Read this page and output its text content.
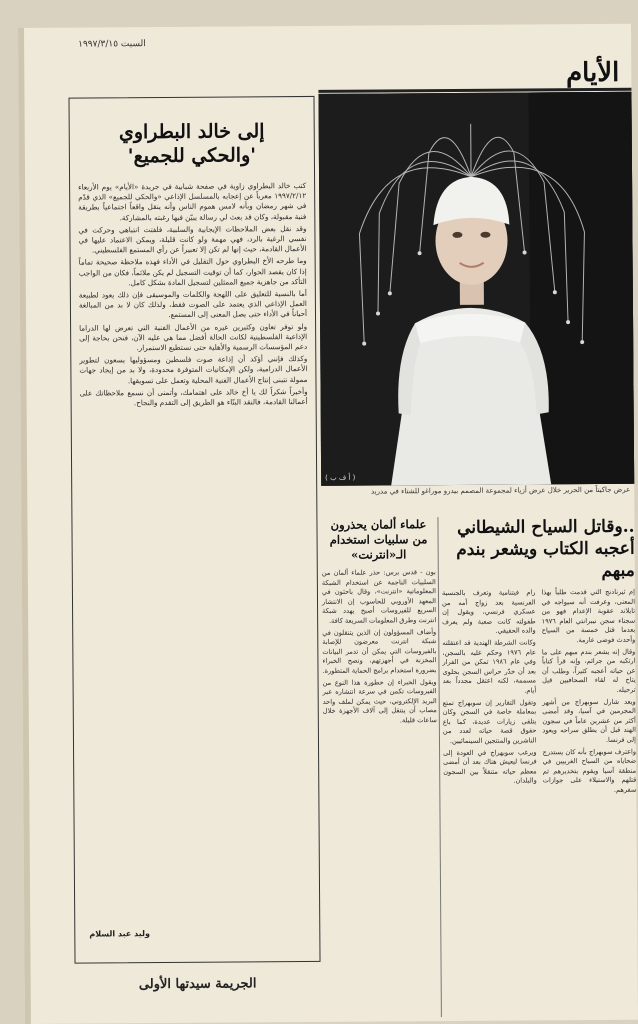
السبت ١٩٩٧/٣/١٥
الأيام
إلى خالد البطراوي
'والحكي للجميع'

كتب خالد البطراوي زاوية في صفحة شبابية في جريدة «الأيام» يوم الأربعاء ١٩٩٧/٢/١٢ معرباً عن إعجابه بالمسلسل الإذاعي «والحكي للجميع» الذي قدّم في شهر رمضان وبأنه لامس هموم الناس وأنه ينقل واقعاً اجتماعياً بطريقة فنية مقبولة، وكان قد بعث لي رسالة يبيّن فيها رغبته بالمشاركة.

وقد نقل بعض الملاحظات الإيجابية والسلبية، فلفتت انتباهي وحركت في نفسي الرغبة بالرد، فهي مهمة ولو كانت قليلة، ويمكن الاعتماد عليها في الأعمال القادمة، حيث إنها لم تكن إلا تعبيراً عن رأي المستمع الفلسطيني.

وما طرحه الأخ البطراوي حول التقليل في الأداء فهذه ملاحظة صحيحة تماماً إذا كان يقصد الحوار، كما أن توقيت التسجيل لم يكن ملائماً، فكان من الواجب التأكد من جاهزية جميع الممثلين لتسجيل المادة بشكل كامل.

أما بالنسبة للتعليق على اللهجة والكلمات والموسيقى فإن ذلك يعود لطبيعة العمل الإذاعي الذي يعتمد على الصوت فقط، ولذلك كان لا بد من المبالغة أحياناً في الأداء حتى يصل المعنى إلى المستمع.

ولو توفر تعاون وكثيرين غيره من الأعمال الفنية التي تعرض لها الدراما الإذاعية الفلسطينية لكانت الحالة أفضل مما هي عليه الآن، فنحن بحاجة إلى دعم المؤسسات الرسمية والأهلية حتى نستطيع الاستمرار.

وكذلك فإنني أؤكد أن إذاعة صوت فلسطين ومسؤوليها يسعون لتطوير الأعمال الدرامية، ولكن الإمكانيات المتوفرة محدودة، ولا بد من إيجاد جهات ممولة تتبنى إنتاج الأعمال الفنية المحلية وتعمل على تسويقها.

وأخيراً شكراً لك يا أخ خالد على اهتمامك، وأتمنى أن نسمع ملاحظاتك على أعمالنا القادمة، فالنقد البنّاء هو الطريق إلى التقدم والنجاح.

وليد عبد السلام
الجريمة سيدتها الأولى
( أ ف ب )
عرض جاكيتاً من الحرير خلال عرض أزياء لمجموعة المصمم بيدرو موراغو للشتاء في مدريد
علماء ألمان يحذرون من سلبيات استخدام الـ«انترنت»

بون - قدس برس: حذر علماء ألمان من السلبيات الناجمة عن استخدام الشبكة المعلوماتية «انترنت»، وقال باحثون في المعهد الأوروبي للحاسوب إن الانتشار السريع للفيروسات أصبح يهدد شبكة انترنت وطرق المعلومات السريعة كافة.

وأضاف المسؤولون إن الذين يتنقلون في شبكة انترنت معرضون للإصابة بالفيروسات التي يمكن أن تدمر البيانات المخزنة في أجهزتهم، ونصح الخبراء بضرورة استخدام برامج الحماية المتطورة.

ويقول الخبراء إن خطورة هذا النوع من الفيروسات تكمن في سرعة انتشاره عبر البريد الإلكتروني، حيث يمكن لملف واحد مصاب أن ينتقل إلى آلاف الأجهزة خلال ساعات قليلة.

..وقاتل السياح الشيطاني أعجبه الكتاب ويشعر بندم مبهم

إم ثيرنادنج التي قدمت طلباً بهذا المعنى، وعرفت أنه سيواجه في تايلاند عقوبة الإعدام فهو من سجناء سجن نيبرانتي العام ١٩٧٦ بعدما قتل خمسة من السياح وأحدث فوضى عارمة.

وقال إنه يشعر بندم مبهم على ما ارتكبه من جرائم، وإنه قرأ كتاباً عن حياته أعجبه كثيراً، وطلب أن يتاح له لقاء الصحافيين قبل ترحيله.

ويعد شارل سوبهراج من أشهر المجرمين في آسيا، وقد أمضى أكثر من عشرين عاماً في سجون الهند قبل أن يطلق سراحه ويعود إلى فرنسا.

واعترف سوبهراج بأنه كان يستدرج ضحاياه من السياح الغربيين في منطقة آسيا ويقوم بتخديرهم ثم قتلهم والاستيلاء على جوازات سفرهم.

رام فيتنامية وتعرف بالجنسية الفرنسية بعد زواج أمه من عسكري فرنسي، ويقول إن طفولته كانت صعبة ولم يعرف والده الحقيقي.

وكانت الشرطة الهندية قد اعتقلته عام ١٩٧٦ وحكم عليه بالسجن، وفي عام ١٩٨٦ تمكن من الفرار بعد أن خدّر حراس السجن بحلوى مسممة، لكنه اعتقل مجدداً بعد أيام.

وتقول التقارير إن سوبهراج تمتع بمعاملة خاصة في السجن وكان يتلقى زيارات عديدة، كما باع حقوق قصة حياته لعدد من الناشرين والمنتجين السينمائيين.

ويرغب سوبهراج في العودة إلى فرنسا ليعيش هناك بعد أن أمضى معظم حياته متنقلاً بين السجون والبلدان.
